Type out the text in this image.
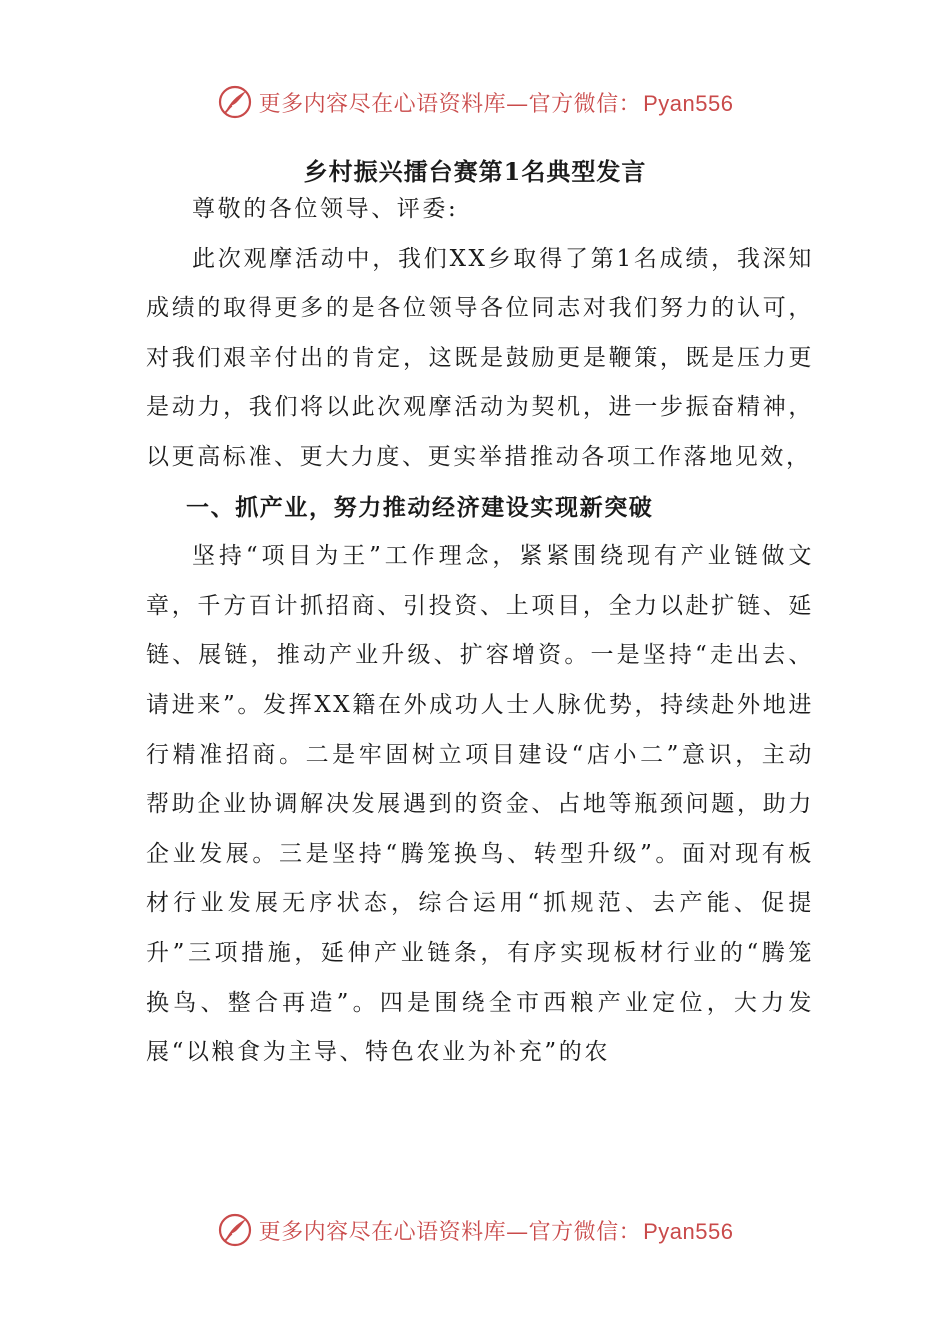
更多内容尽在心语资料库—官方微信：Pyan556
乡村振兴擂台赛第1名典型发言

尊敬的各位领导、评委:

此次观摩活动中，我们XX乡取得了第1名成绩，我深知成绩的取得更多的是各位领导各位同志对我们努力的认可，对我们艰辛付出的肯定，这既是鼓励更是鞭策，既是压力更是动力，我们将以此次观摩活动为契机，进一步振奋精神，以更高标准、更大力度、更实举措推动各项工作落地见效，

一、抓产业，努力推动经济建设实现新突破

坚持“项目为王”工作理念，紧紧围绕现有产业链做文章，千方百计抓招商、引投资、上项目，全力以赴扩链、延链、展链，推动产业升级、扩容增资。一是坚持“走出去、请进来”。发挥XX籍在外成功人士人脉优势，持续赴外地进行精准招商。二是牢固树立项目建设“店小二”意识，主动帮助企业协调解决发展遇到的资金、占地等瓶颈问题，助力企业发展。三是坚持“腾笼换鸟、转型升级”。面对现有板材行业发展无序状态，综合运用“抓规范、去产能、促提升”三项措施，延伸产业链条，有序实现板材行业的“腾笼换鸟、整合再造”。四是围绕全市西粮产业定位，大力发展“以粮食为主导、特色农业为补充”的农

更多内容尽在心语资料库—官方微信：Pyan556
